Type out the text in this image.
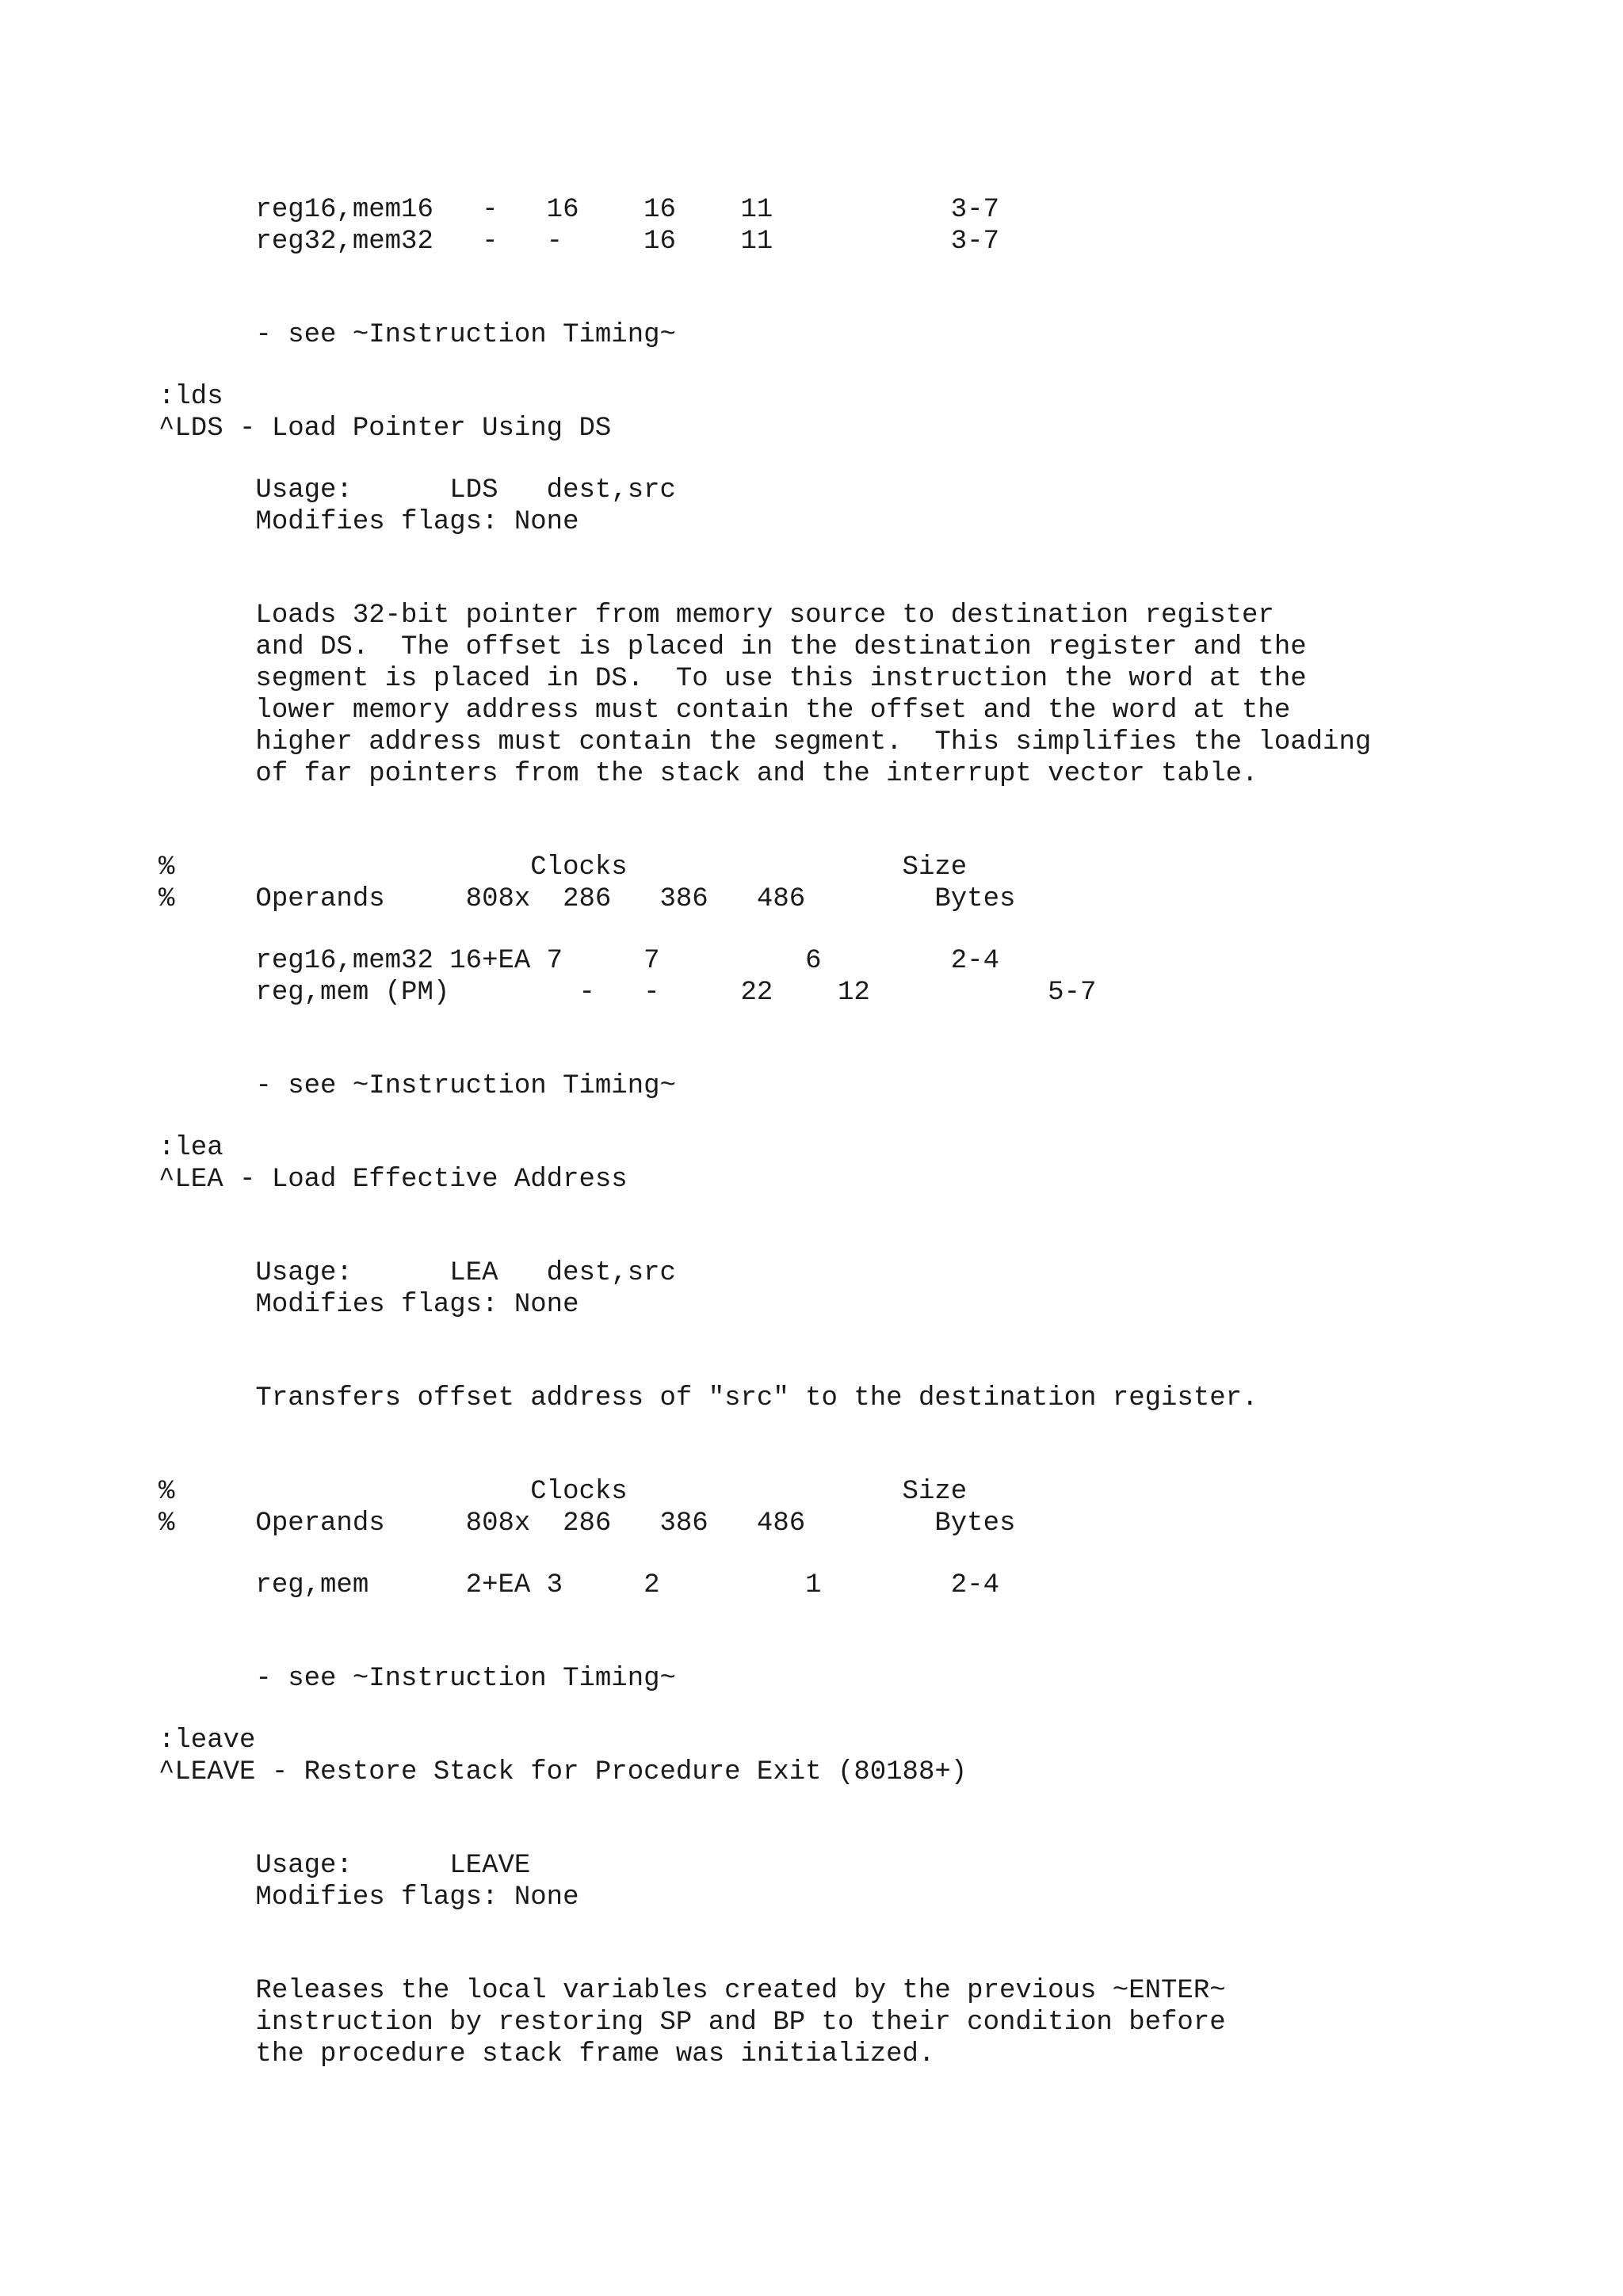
reg16,mem16   -   16    16    11           3-7

reg32,mem32   -   -     16    11           3-7

- see ~Instruction Timing~

:lds

^LDS - Load Pointer Using DS

Usage:      LDS   dest,src

Modifies flags: None

Loads 32-bit pointer from memory source to destination register

and DS.  The offset is placed in the destination register and the

segment is placed in DS.  To use this instruction the word at the

lower memory address must contain the offset and the word at the

higher address must contain the segment.  This simplifies the loading

of far pointers from the stack and the interrupt vector table.

%                      Clocks                 Size

%     Operands     808x  286   386   486        Bytes

reg16,mem32 16+EA 7     7         6        2-4

reg,mem (PM)        -   -     22    12           5-7

- see ~Instruction Timing~

:lea

^LEA - Load Effective Address

Usage:      LEA   dest,src

Modifies flags: None

Transfers offset address of "src" to the destination register.

%                      Clocks                 Size

%     Operands     808x  286   386   486        Bytes

reg,mem      2+EA 3     2         1        2-4

- see ~Instruction Timing~

:leave

^LEAVE - Restore Stack for Procedure Exit (80188+)

Usage:      LEAVE

Modifies flags: None

Releases the local variables created by the previous ~ENTER~

instruction by restoring SP and BP to their condition before

the procedure stack frame was initialized.
